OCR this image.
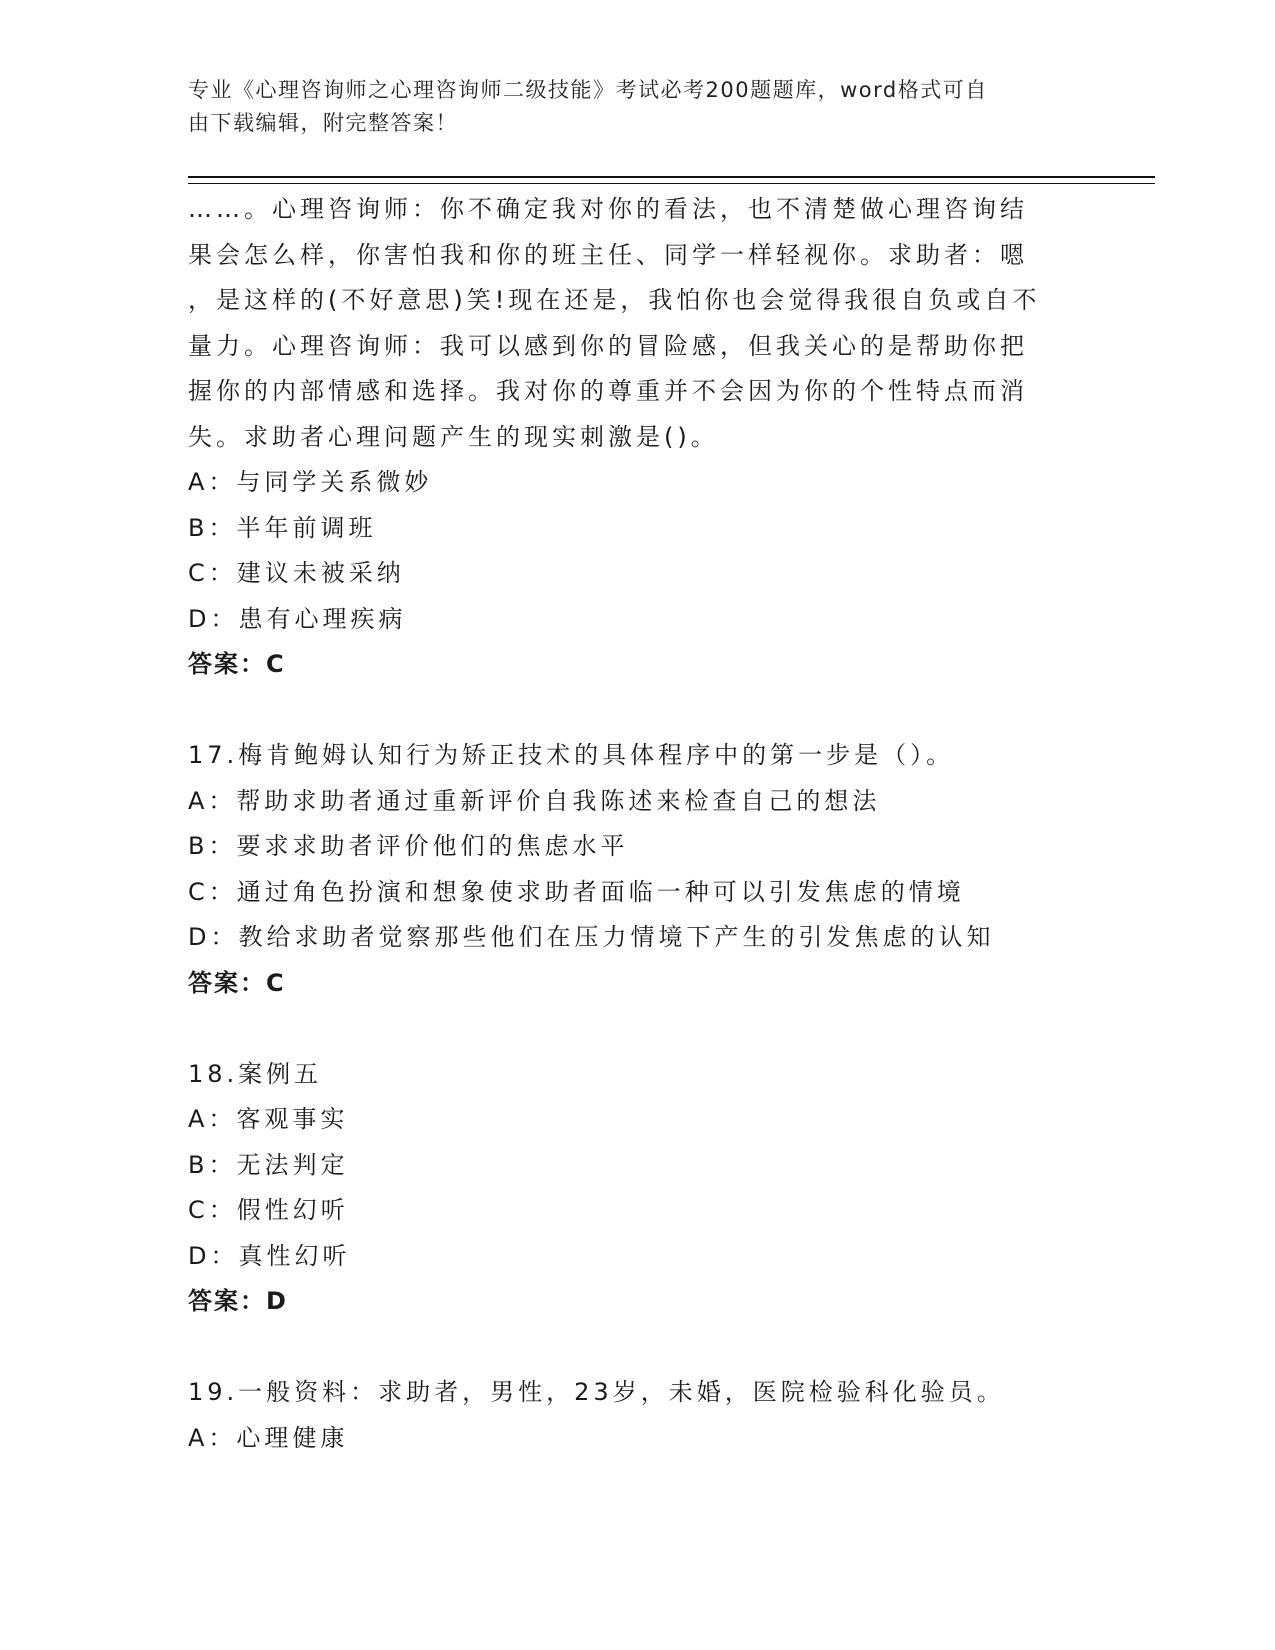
专业《心理咨询师之心理咨询师二级技能》考试必考200题题库，word格式可自
由下载编辑，附完整答案！
……。心理咨询师：你不确定我对你的看法，也不清楚做心理咨询结
果会怎么样，你害怕我和你的班主任、同学一样轻视你。求助者：嗯
，是这样的(不好意思)笑!现在还是，我怕你也会觉得我很自负或自不
量力。心理咨询师：我可以感到你的冒险感，但我关心的是帮助你把
握你的内部情感和选择。我对你的尊重并不会因为你的个性特点而消
失。求助者心理问题产生的现实刺激是()。
A：与同学关系微妙
B：半年前调班
C：建议未被采纳
D：患有心理疾病
答案：C
17.梅肯鲍姆认知行为矫正技术的具体程序中的第一步是（）。
A：帮助求助者通过重新评价自我陈述来检查自己的想法
B：要求求助者评价他们的焦虑水平
C：通过角色扮演和想象使求助者面临一种可以引发焦虑的情境
D：教给求助者觉察那些他们在压力情境下产生的引发焦虑的认知
答案：C
18.案例五
A：客观事实
B：无法判定
C：假性幻听
D：真性幻听
答案：D
19.一般资料：求助者，男性，23岁，未婚，医院检验科化验员。
A：心理健康
